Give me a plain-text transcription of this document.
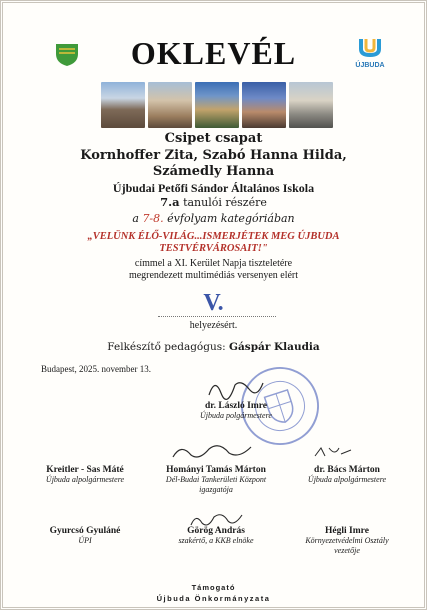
ÚJBUDA
OKLEVÉL
Csipet csapat
Kornhoffer Zita, Szabó Hanna Hilda,
Számedly Hanna
Újbudai Petőfi Sándor Általános Iskola
7.a tanulói részére
a 7-8. évfolyam kategóriában
„VELÜNK ÉLŐ-VILÁG...ISMERJÉTEK MEG ÚJBUDA
TESTVÉRVÁROSAIT!"
címmel a XI. Kerület Napja tiszteletére
megrendezett multimédiás versenyen elért
V.
helyezésért.
Felkészítő pedagógus: Gáspár Klaudia
Budapest, 2025. november 13.
dr. László Imre
Újbuda polgármestere
Kreitler - Sas Máté
Újbuda alpolgármestere
Hományi Tamás Márton
Dél-Budai Tankerületi Központ
igazgatója
dr. Bács Márton
Újbuda alpolgármestere
Gyurcsó Gyuláné
ÚPI
Görög András
szakértő, a KKB elnöke
Hégli Imre
Környezetvédelmi Osztály
vezetője
Támogató
Újbuda Önkormányzata
